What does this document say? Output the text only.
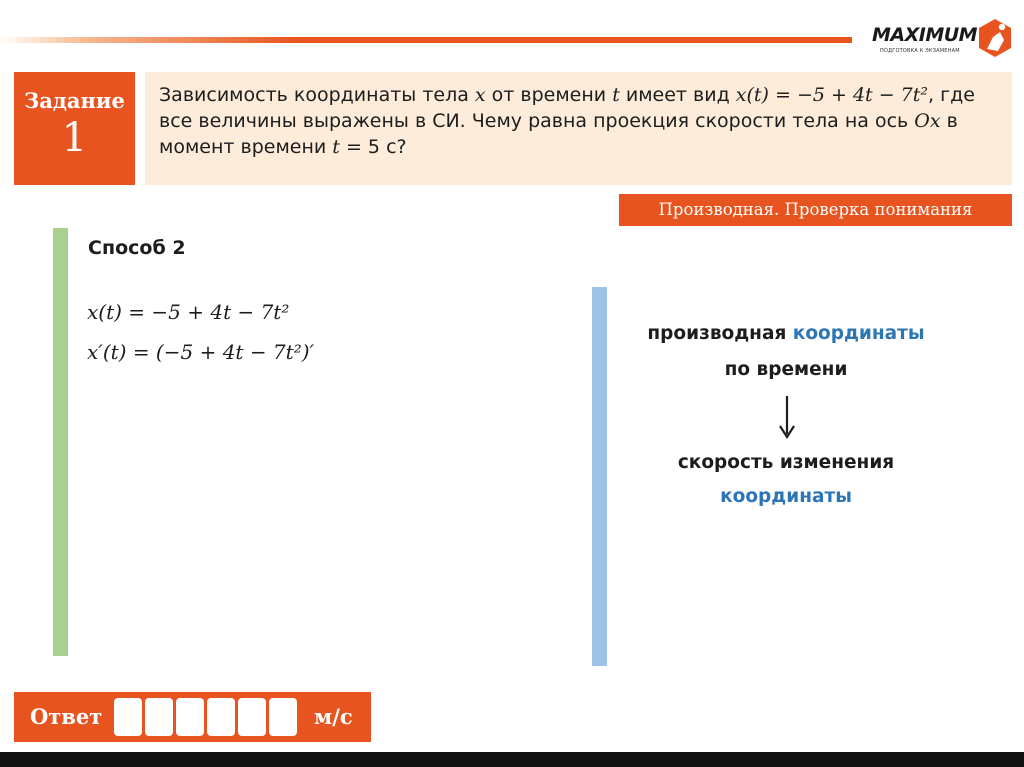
MAXIMUM
ПОДГОТОВКА К ЭКЗАМЕНАМ
Задание
1
Зависимость координаты тела x от времени t имеет вид x(t) = −5 + 4t − 7t², где все величины выражены в СИ. Чему равна проекция скорости тела на ось Ox в момент времени t = 5 с?
Производная. Проверка понимания
Способ 2
x(t) = −5 + 4t − 7t²
x′(t) = (−5 + 4t − 7t²)′
производная координаты
по времени
скорость изменения
координаты
Ответ	м/с
